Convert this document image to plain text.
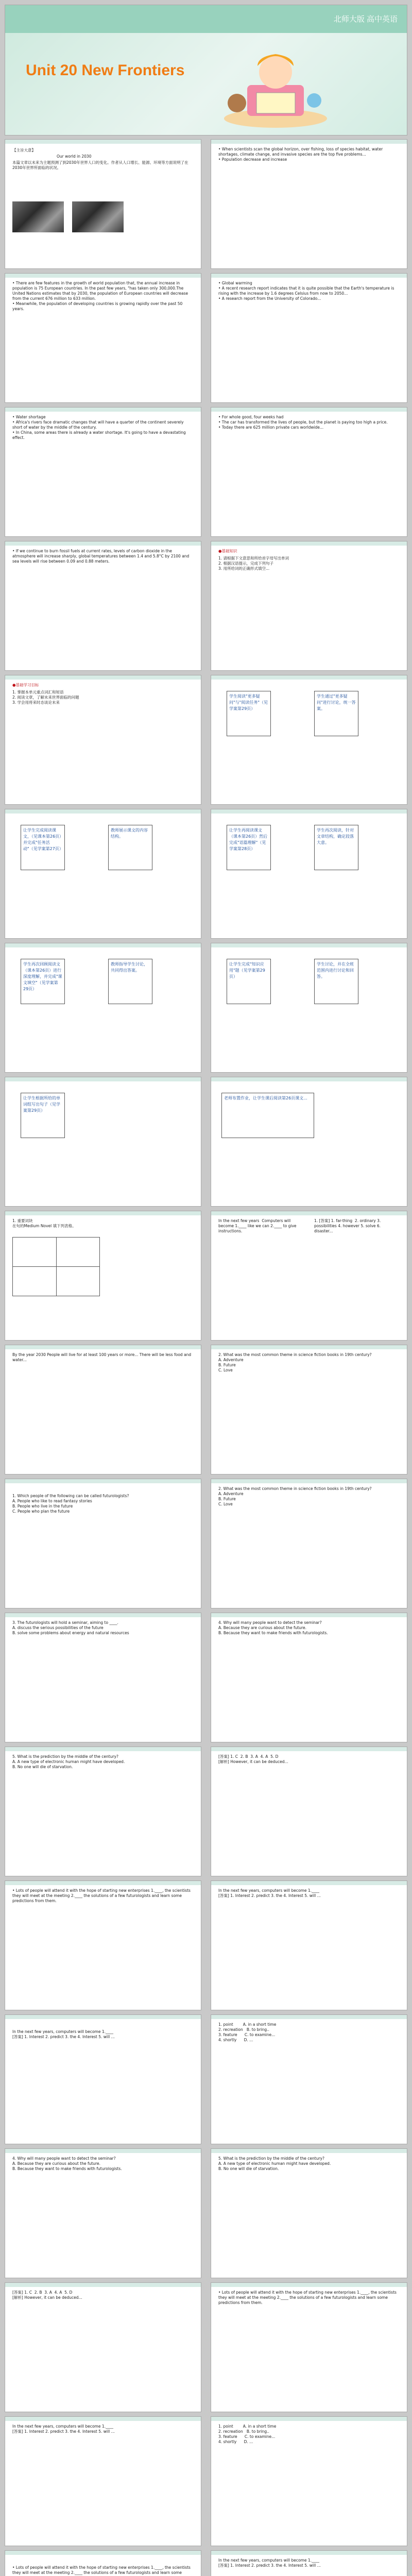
北师大版 高中英语
Unit 20 New Frontiers
【主旨大意】
Our world in 2030
本篇文章以未来为主题预测了到2030年世界人口的变化。作者从人口增长、能源、环境等方面说明了在2030年世界所面临的状况。
• When scientists scan the global horizon, over fishing, loss of species habitat, water shortages, climate change, and invasive species are the top five problems...
• Population decrease and increase
• There are few features in the growth of world population that, the annual increase in population is 75 European countries. In the past few years, "has taken only 300,000.The United Nations estimates that by 2030, the population of European countries will decrease from the current 676 million to 633 million.
• Meanwhile, the population of developing countries is growing rapidly over the past 50 years.
• Global warming
• A recent research report indicates that it is quite possible that the Earth's temperature is rising with the increase by 1.6 degrees Celsius from now to 2050...
• A research report from the University of Colorado...
• Water shortage
• Africa's rivers face dramatic changes that will have a quarter of the continent severely short of water by the middle of the century.
• In China, some areas there is already a water shortage. It's going to have a devastating effect.
• For whole good, four weeks had
• The car has transformed the lives of people, but the planet is paying too high a price.
• Today there are 625 million private cars worldwide...
• If we continue to burn fossil fuels at current rates, levels of carbon dioxide in the atmosphere will increase sharply, global temperatures between 1.4 and 5.8°C by 2100 and sea levels will rise between 0.09 and 0.88 meters.
●基础知识
1. 请根据下文意思和所给首字母写出单词
2. 根据汉语提示，完成下列句子
3. 用所给词的正确形式填空...
●基础学习目标
1. 掌握本单元重点词汇和短语
2. 阅读文章，了解未来世界面临的问题
3. 学会用将来时态谈论未来
学生阅读"更多疑问"与"阅读任务"（见学案第29页）
学生通过"更多疑问"进行讨论，统一答案。
让学生完成阅读课文，（见课本第26页）并完成"任务活动"（见学案第27页）
教师展示课文的内容结构。
让学生再阅读课文（课本第26页）然后完成"语篇理解"（见学案第28页）
学生再次阅读，针对文章结构，确定段落大意。
学生再次回顾阅读文（课本第26页）进行深度理解，并完成"课文填空"（见学案第29页）
教师指导学生讨论，共同得出答案。
让学生完成"知识应用"题（见学案第29页）
学生讨论，并在全班范围内进行讨论和回答。
让学生根据所给的单词组写出句子（见学案第29页）
老师布置作业，让学生课后阅读第26页课文...
1. 重要词块
在句的Medium Novel 填下列表格。

In the next few years  Computers will become 1.____ like we can 2.____ to give instructions.
1. [答案] 1. far-thing  2. ordinary 3. possibilities 4. however 5. solve 6. disaster...
By the year 2030 People will live for at least 100 years or more... There will be less food and water...
2. What was the most common theme in science fiction books in 19th century?
A. Adventure
B. Future
C. Love
1. Which people of the following can be called futurologists?
A. People who like to read fantasy stories
B. People who live in the future
C. People who plan the future
2. What was the most common theme in science fiction books in 19th century?
A. Adventure
B. Future
C. Love
3. The futurologists will hold a seminar, aiming to ____.
A. discuss the serious possibilities of the future
B. solve some problems about energy and natural resources
4. Why will many people want to detect the seminar?
A. Because they are curious about the future.
B. Because they want to make friends with futurologists.
5. What is the prediction by the middle of the century?
A. A new type of electronic human might have developed.
B. No one will die of starvation.
[答案] 1. C  2. B  3. A  4. A  5. D
[解析] However, it can be deduced...
• Lots of people will attend it with the hope of starting new enterprises 1.____, the scientists they will meet at the meeting 2.____ the solutions of a few futurologists and learn some predictions from them.
In the next few years, computers will become 1.____
[答案] 1. Interest 2. predict 3. the 4. Interest 5. will ...
In the next few years, computers will become 1.____
[答案] 1. Interest 2. predict 3. the 4. Interest 5. will ...
1. point        A. in a short time
2. recreation   B. to bring..
3. feature      C. to examine...
4. shortly      D. ...
4. Why will many people want to detect the seminar?
A. Because they are curious about the future.
B. Because they want to make friends with futurologists.
5. What is the prediction by the middle of the century?
A. A new type of electronic human might have developed.
B. No one will die of starvation.
[答案] 1. C  2. B  3. A  4. A  5. D
[解析] However, it can be deduced...
• Lots of people will attend it with the hope of starting new enterprises 1.____, the scientists they will meet at the meeting 2.____ the solutions of a few futurologists and learn some predictions from them.
In the next few years, computers will become 1.____
[答案] 1. Interest 2. predict 3. the 4. Interest 5. will ...
1. point        A. in a short time
2. recreation   B. to bring..
3. feature      C. to examine...
4. shortly      D. ...
• Lots of people will attend it with the hope of starting new enterprises 1.____, the scientists they will meet at the meeting 2.____ the solutions of a few futurologists and learn some
In the next few years, computers will become 1.____
[答案] 1. Interest 2. predict 3. the 4. Interest 5. will ...
